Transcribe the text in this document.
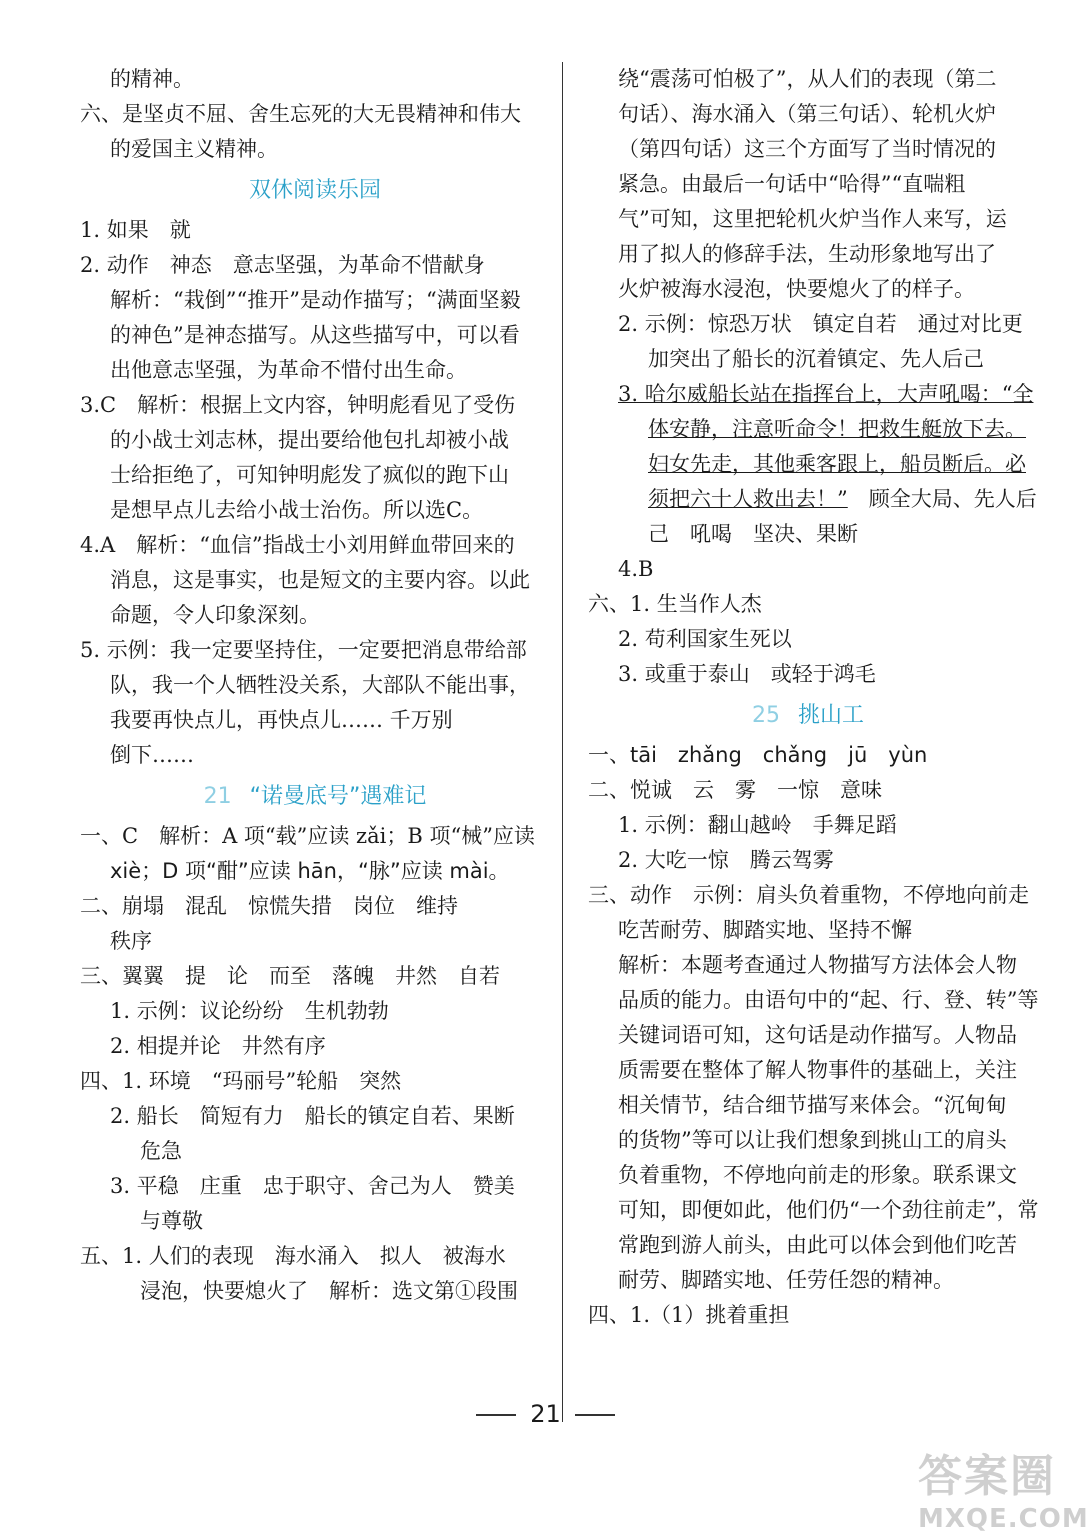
的精神。

六、是坚贞不屈、舍生忘死的大无畏精神和伟大

的爱国主义精神。

双休阅读乐园

1. 如果　就

2. 动作　神态　意志坚强，为革命不惜献身

解析：“栽倒”“推开”是动作描写；“满面坚毅

的神色”是神态描写。从这些描写中，可以看

出他意志坚强，为革命不惜付出生命。

3.C　解析：根据上文内容，钟明彪看见了受伤

的小战士刘志林，提出要给他包扎却被小战

士给拒绝了，可知钟明彪发了疯似的跑下山

是想早点儿去给小战士治伤。所以选C。

4.A　解析：“血信”指战士小刘用鲜血带回来的

消息，这是事实，也是短文的主要内容。以此

命题，令人印象深刻。

5. 示例：我一定要坚持住，一定要把消息带给部

队，我一个人牺牲没关系，大部队不能出事，

我要再快点儿，再快点儿…… 千万别

倒下……

21 “诺曼底号”遇难记

一、C　解析：A 项“载”应读 zǎi；B 项“械”应读

xiè；D 项“酣”应读 hān，“脉”应读 mài。

二、崩塌　混乱　惊慌失措　岗位　维持

秩序

三、翼翼　提　论　而至　落魄　井然　自若

1. 示例：议论纷纷　生机勃勃

2. 相提并论　井然有序

四、1. 环境　“玛丽号”轮船　突然

2. 船长　简短有力　船长的镇定自若、果断

危急

3. 平稳　庄重　忠于职守、舍己为人　赞美

与尊敬

五、1. 人们的表现　海水涌入　拟人　被海水

浸泡，快要熄火了　解析：选文第①段围

绕“震荡可怕极了”，从人们的表现（第二

句话）、海水涌入（第三句话）、轮机火炉

（第四句话）这三个方面写了当时情况的

紧急。由最后一句话中“哈得”“直喘粗

气”可知，这里把轮机火炉当作人来写，运

用了拟人的修辞手法，生动形象地写出了

火炉被海水浸泡，快要熄火了的样子。

2. 示例：惊恐万状　镇定自若　通过对比更

加突出了船长的沉着镇定、先人后己

3. 哈尔威船长站在指挥台上，大声吼喝：“全

体安静，注意听命令！把救生艇放下去。

妇女先走，其他乘客跟上，船员断后。必

须把六十人救出去！”　 顾全大局、先人后

己　吼喝　坚决、果断

4.B

六、1. 生当作人杰

2. 苟利国家生死以

3. 或重于泰山　或轻于鸿毛

25 挑山工

一、tāi　zhǎng　chǎng　jū　yùn

二、悦诚　云　雾　一惊　意味

1. 示例：翻山越岭　手舞足蹈

2. 大吃一惊　腾云驾雾

三、动作　示例：肩头负着重物，不停地向前走

吃苦耐劳、脚踏实地、坚持不懈

解析：本题考查通过人物描写方法体会人物

品质的能力。由语句中的“起、行、登、转”等

关键词语可知，这句话是动作描写。人物品

质需要在整体了解人物事件的基础上，关注

相关情节，结合细节描写来体会。“沉甸甸

的货物”等可以让我们想象到挑山工的肩头

负着重物，不停地向前走的形象。联系课文

可知，即便如此，他们仍“一个劲往前走”，常

常跑到游人前头，由此可以体会到他们吃苦

耐劳、脚踏实地、任劳任怨的精神。

四、1.（1）挑着重担

21
答案圈
MXQE.COM
